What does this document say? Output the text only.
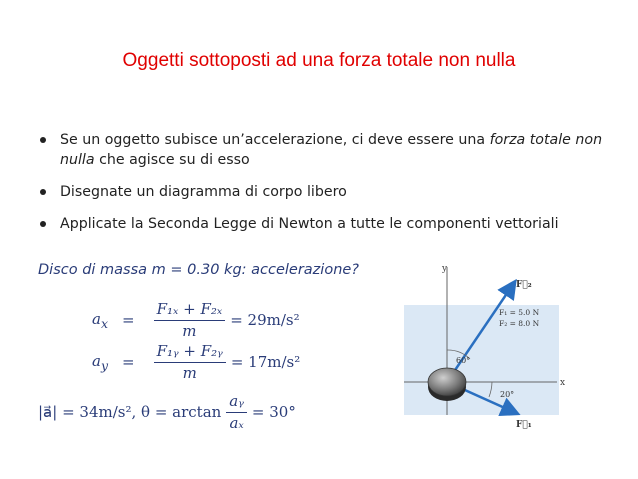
Oggetti sottoposti ad una forza totale non nulla
Se un oggetto subisce un’accelerazione, ci deve essere una forza totale non nulla che agisce su di esso
Disegnate un diagramma di corpo libero
Applicate la Seconda Legge di Newton a tutte le componenti vettoriali
Disco di massa m = 0.30 kg: accelerazione?
$a_x = \frac{\text{F₁ₓ + F₂ₓ}}{m} = 29m/s^2$
$a_y = \frac{\text{F₁ᵧ + F₂ᵧ}}{m} = 17m/s^2$
|a⃗| = 34m/s², $\theta = \arctan \frac{\text{aᵧ}}{\text{aₓ}} = 30^\circ$
y
x
60°
20°
F₁ = 5.0 N
F₂ = 8.0 N
F⃗₂
F⃗₁
